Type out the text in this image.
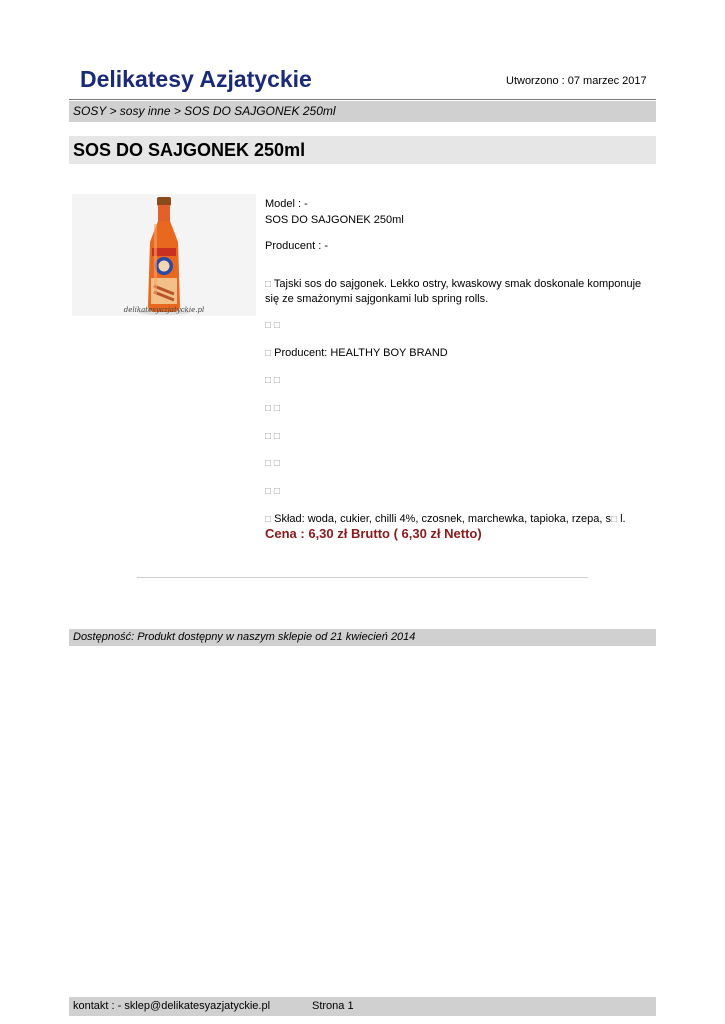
Delikatesy Azjatyckie	Utworzono : 07 marzec 2017
SOSY > sosy inne > SOS DO SAJGONEK 250ml
SOS DO SAJGONEK 250ml
delikatesyazjatyckie.pl
Model : -
SOS DO SAJGONEK 250ml
Producent : -
□ Tajski sos do sajgonek. Lekko ostry, kwaskowy smak doskonale komponuje się ze smażonymi sajgonkami lub spring rolls.
□ □
□ Producent: HEALTHY BOY BRAND
□ □
□ □
□ □
□ □
□ □
□ Skład: woda, cukier, chilli 4%, czosnek, marchewka, tapioka, rzepa, s□ l.
Cena : 6,30 zł Brutto ( 6,30 zł Netto)
Dostępność: Produkt dostępny w naszym sklepie od 21 kwiecień 2014
kontakt : - sklep@delikatesyazjatyckie.pl	Strona 1
